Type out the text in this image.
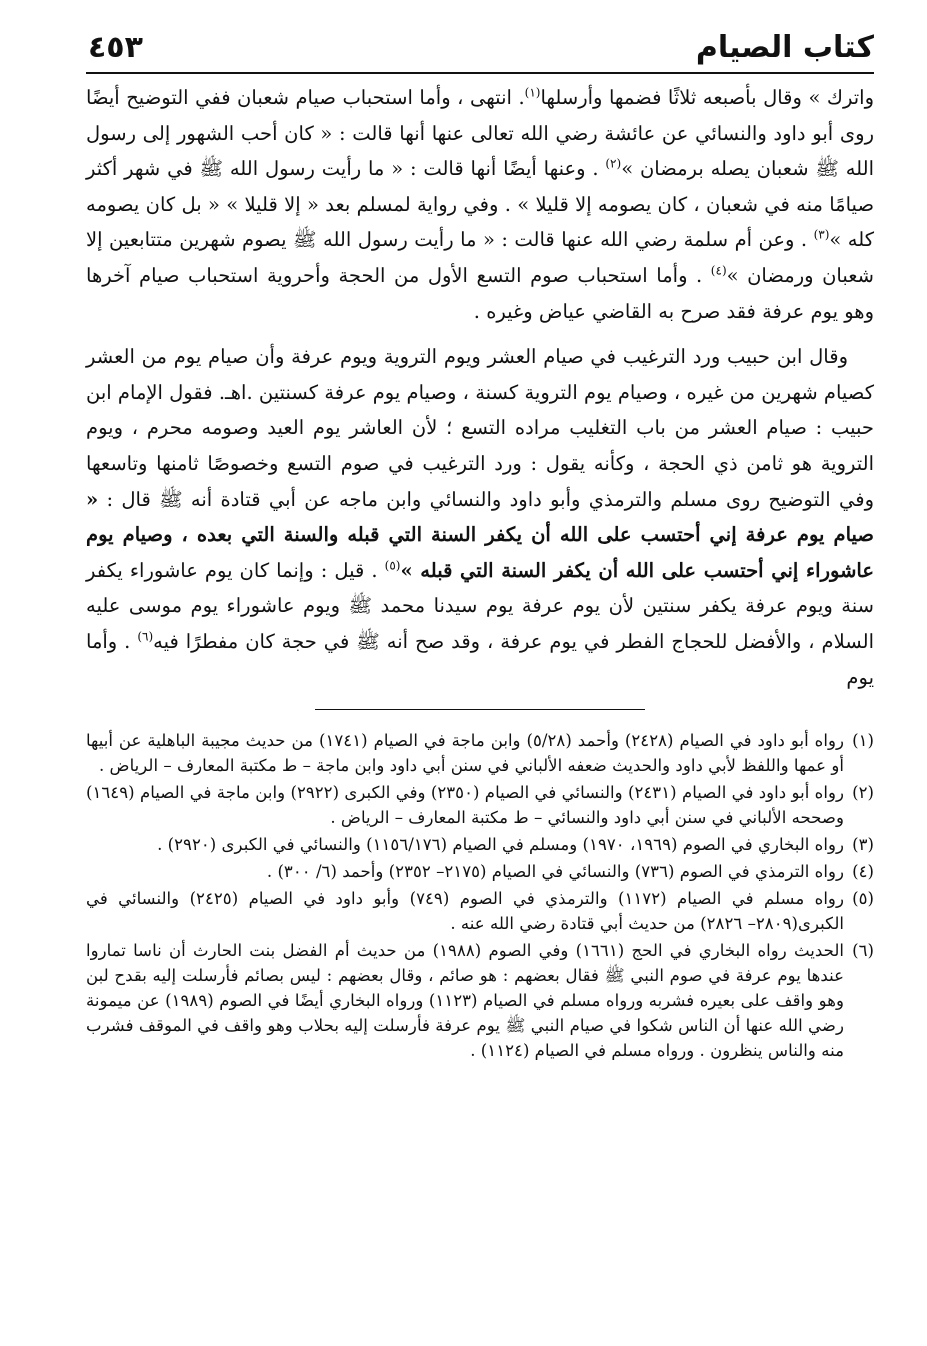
كتاب الصيام
٤٥٣

واترك » وقال بأصبعه ثلاثًا فضمها وأرسلها$^{(١)}$. انتهى ، وأما استحباب صيام شعبان ففي التوضيح أيضًا روى أبو داود والنسائي عن عائشة رضي الله تعالى عنها أنها قالت : « كان أحب الشهور إلى رسول الله ﷺ شعبان يصله برمضان »$^{(٢)}$ . وعنها أيضًا أنها قالت : « ما رأيت رسول الله ﷺ في شهر أكثر صيامًا منه في شعبان ، كان يصومه إلا قليلا » . وفي رواية لمسلم بعد « إلا قليلا » « بل كان يصومه كله »$^{(٣)}$ . وعن أم سلمة رضي الله عنها قالت : « ما رأيت رسول الله ﷺ يصوم شهرين متتابعين إلا شعبان ورمضان »$^{(٤)}$ . وأما استحباب صوم التسع الأول من الحجة وأحروية استحباب صيام آخرها وهو يوم عرفة فقد صرح به القاضي عياض وغيره .

وقال ابن حبيب ورد الترغيب في صيام العشر ويوم التروية ويوم عرفة وأن صيام يوم من العشر كصيام شهرين من غيره ، وصيام يوم التروية كسنة ، وصيام يوم عرفة كسنتين .اهـ. فقول الإمام ابن حبيب : صيام العشر من باب التغليب مراده التسع ؛ لأن العاشر يوم العيد وصومه محرم ، ويوم التروية هو ثامن ذي الحجة ، وكأنه يقول : ورد الترغيب في صوم التسع وخصوصًا ثامنها وتاسعها وفي التوضيح روى مسلم والترمذي وأبو داود والنسائي وابن ماجه عن أبي قتادة أنه ﷺ قال : « صيام يوم عرفة إني أحتسب على الله أن يكفر السنة التي قبله والسنة التي بعده ، وصيام يوم عاشوراء إني أحتسب على الله أن يكفر السنة التي قبله »$^{(٥)}$ . قيل : وإنما كان يوم عاشوراء يكفر سنة ويوم عرفة يكفر سنتين لأن يوم عرفة يوم سيدنا محمد ﷺ ويوم عاشوراء يوم موسى عليه السلام ، والأفضل للحجاج الفطر في يوم عرفة ، وقد صح أنه ﷺ في حجة كان مفطرًا فيه$^{(٦)}$ . وأما يوم

(١)
رواه أبو داود في الصيام (٢٤٢٨) وأحمد (٥/٢٨) وابن ماجة في الصيام (١٧٤١) من حديث مجيبة الباهلية عن أبيها أو عمها واللفظ لأبي داود والحديث ضعفه الألباني في سنن أبي داود وابن ماجة – ط مكتبة المعارف – الرياض .

(٢)
رواه أبو داود في الصيام (٢٤٣١) والنسائي في الصيام (٢٣٥٠) وفي الكبرى (٢٩٢٢) وابن ماجة في الصيام (١٦٤٩) وصححه الألباني في سنن أبي داود والنسائي – ط مكتبة المعارف – الرياض .

(٣)
رواه البخاري في الصوم (١٩٦٩، ١٩٧٠) ومسلم في الصيام (١١٥٦/١٧٦) والنسائي في الكبرى (٢٩٢٠) .

(٤)
رواه الترمذي في الصوم (٧٣٦) والنسائي في الصيام (٢١٧٥– ٢٣٥٢) وأحمد (٦/ ٣٠٠) .

(٥)
رواه مسلم في الصيام (١١٧٢) والترمذي في الصوم (٧٤٩) وأبو داود في الصيام (٢٤٢٥) والنسائي في الكبرى(٢٨٠٩– ٢٨٢٦) من حديث أبي قتادة رضي الله عنه .

(٦)
الحديث رواه البخاري في الحج (١٦٦١) وفي الصوم (١٩٨٨) من حديث أم الفضل بنت الحارث أن ناسا تماروا عندها يوم عرفة في صوم النبي ﷺ فقال بعضهم : هو صائم ، وقال بعضهم : ليس بصائم فأرسلت إليه بقدح لبن وهو واقف على بعيره فشربه ورواه مسلم في الصيام (١١٢٣) ورواه البخاري أيضًا في الصوم (١٩٨٩) عن ميمونة رضي الله عنها أن الناس شكوا في صيام النبي ﷺ يوم عرفة فأرسلت إليه بحلاب وهو واقف في الموقف فشرب منه والناس ينظرون . ورواه مسلم في الصيام (١١٢٤) .
